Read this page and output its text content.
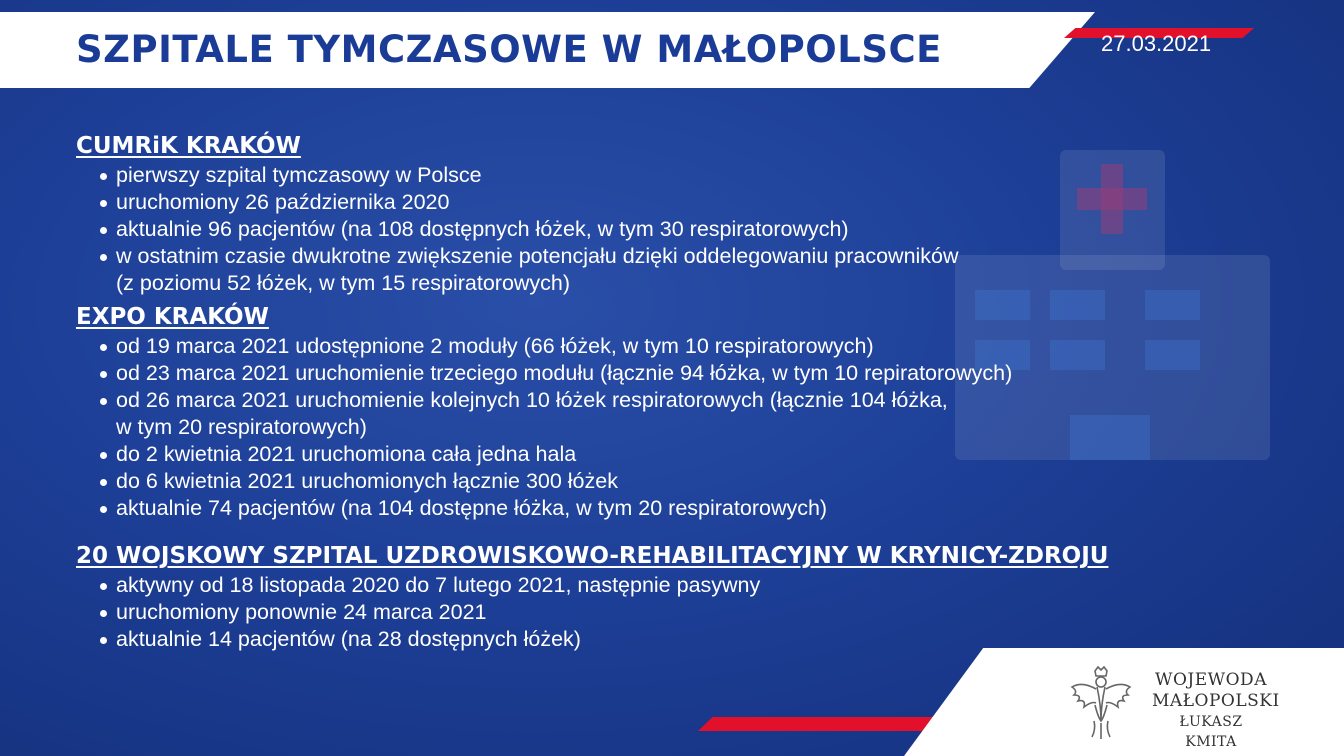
SZPITALE TYMCZASOWE W MAŁOPOLSCE	27.03.2021
CUMRiK KRAKÓW
pierwszy szpital tymczasowy w Polsce
uruchomiony 26 października 2020
aktualnie 96 pacjentów (na 108 dostępnych łóżek, w tym 30 respiratorowych)
w ostatnim czasie dwukrotne zwiększenie potencjału dzięki oddelegowaniu pracowników
(z poziomu 52 łóżek, w tym 15 respiratorowych)
EXPO KRAKÓW
od 19 marca 2021 udostępnione 2 moduły (66 łóżek, w tym 10 respiratorowych)
od 23 marca 2021 uruchomienie trzeciego modułu (łącznie 94 łóżka, w tym 10 repiratorowych)
od 26 marca 2021 uruchomienie kolejnych 10 łóżek respiratorowych (łącznie 104 łóżka,
w tym 20 respiratorowych)
do 2 kwietnia 2021 uruchomiona cała jedna hala
do 6 kwietnia 2021 uruchomionych łącznie 300 łóżek
aktualnie 74 pacjentów (na 104 dostępne łóżka, w tym 20 respiratorowych)
20 WOJSKOWY SZPITAL UZDROWISKOWO-REHABILITACYJNY W KRYNICY-ZDROJU
aktywny od 18 listopada 2020 do 7 lutego 2021, następnie pasywny
uruchomiony ponownie 24 marca 2021
aktualnie 14 pacjentów (na 28 dostępnych łóżek)
WOJEWODA
MAŁOPOLSKI
ŁUKASZ KMITA
